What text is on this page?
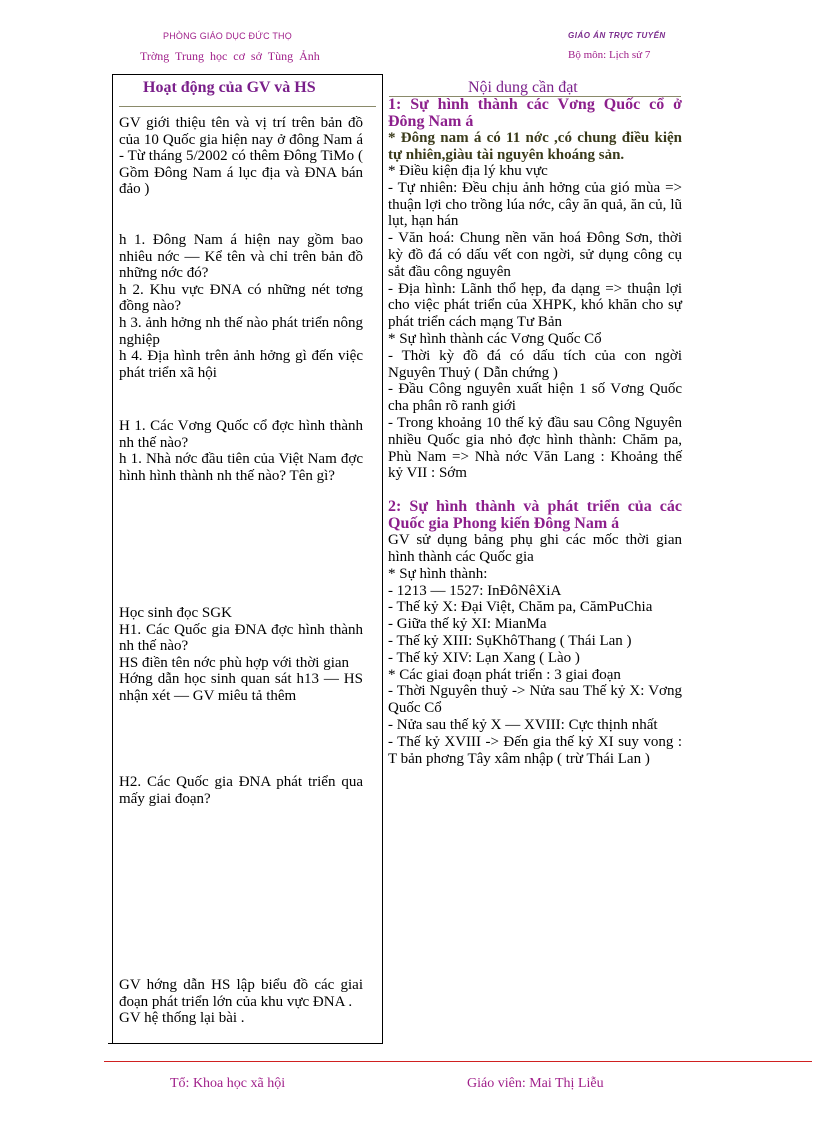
PHÒNG GIÁO DỤC ĐỨC THỌ
Trờng Trung học cơ sở Tùng Ảnh
GIÁO ÁN TRỰC TUYẾN
Bộ môn: Lịch sử 7
Hoạt động của GV và HS	Nội dung cần đạt

GV giới thiệu tên và vị trí trên bản đồ của 10 Quốc gia hiện nay ở đông Nam á - Từ tháng 5/2002 có thêm Đông TiMo ( Gồm Đông Nam á lục địa và ĐNA bán đảo )

h 1. Đông Nam á hiện nay gồm bao nhiêu nớc — Kể tên và chỉ trên bản đồ những nớc đó?

h 2. Khu vực ĐNA có những nét tơng đồng nào?

h 3. ảnh hởng nh thế nào phát triển nông nghiệp

h 4. Địa hình trên ảnh hởng gì đến việc phát triển xã hội

H 1. Các Vơng Quốc cổ đợc hình thành nh thế nào?

h 1. Nhà nớc đầu tiên của Việt Nam đợc hình hình thành nh thế nào? Tên gì?

Học sinh đọc SGK

H1. Các Quốc gia ĐNA đợc hình thành nh thế nào?

HS điền tên nớc phù hợp với thời gian

Hớng dẫn học sinh quan sát h13 — HS nhận xét — GV miêu tả thêm

H2. Các Quốc gia ĐNA phát triển qua mấy giai đoạn?

GV hớng dẫn HS lập biểu đồ các giai đoạn phát triển lớn của khu vực ĐNA .

GV hệ thống lại bài .

1: Sự hình thành các Vơng Quốc cổ ở Đông Nam á

* Đông nam á có 11 nớc ,có chung điều kiện tự nhiên,giàu tài nguyên khoáng sản.

* Điều kiện địa lý khu vực

- Tự nhiên: Đều chịu ảnh hởng của gió mùa => thuận lợi cho trồng lúa nớc, cây ăn quả, ăn củ, lũ lụt, hạn hán

- Văn hoá: Chung nền văn hoá Đông Sơn, thời kỳ đồ đá có dấu vết con ngời, sử dụng công cụ sắt đầu công nguyên

- Địa hình: Lãnh thổ hẹp, đa dạng => thuận lợi cho việc phát triển của XHPK, khó khăn cho sự phát triển cách mạng Tư Bản

* Sự hình thành các Vơng Quốc Cổ

- Thời kỳ đồ đá có dấu tích của con ngời Nguyên Thuỷ ( Dẫn chứng )

- Đầu Công nguyên xuất hiện 1 số Vơng Quốc cha phân rõ ranh giới

- Trong khoảng 10 thế kỷ đầu sau Công Nguyên nhiều Quốc gia nhỏ đợc hình thành: Chăm pa, Phù Nam => Nhà nớc Văn Lang : Khoảng thế kỷ VII : Sớm

2: Sự hình thành và phát triển của các Quốc gia Phong kiến Đông Nam á

GV sử dụng bảng phụ ghi các mốc thời gian hình thành các Quốc gia

* Sự hình thành:

- 1213 — 1527: InĐôNêXiA

- Thế kỷ X: Đại Việt, Chăm pa, CămPuChia

- Giữa thế kỷ XI: MianMa

- Thế kỷ XIII: SụKhôThang ( Thái Lan )

- Thế kỷ XIV: Lạn Xang ( Lào )

* Các giai đoạn phát triển : 3 giai đoạn

- Thời Nguyên thuỷ -> Nửa sau Thế kỷ X: Vơng Quốc Cổ

- Nửa sau thế kỷ X — XVIII: Cực thịnh nhất

- Thế kỷ XVIII -> Đến gia thế kỷ XI suy vong : T bản phơng Tây xâm nhập ( trừ Thái Lan )

Tổ: Khoa học xã hội	Giáo viên: Mai Thị Liễu
